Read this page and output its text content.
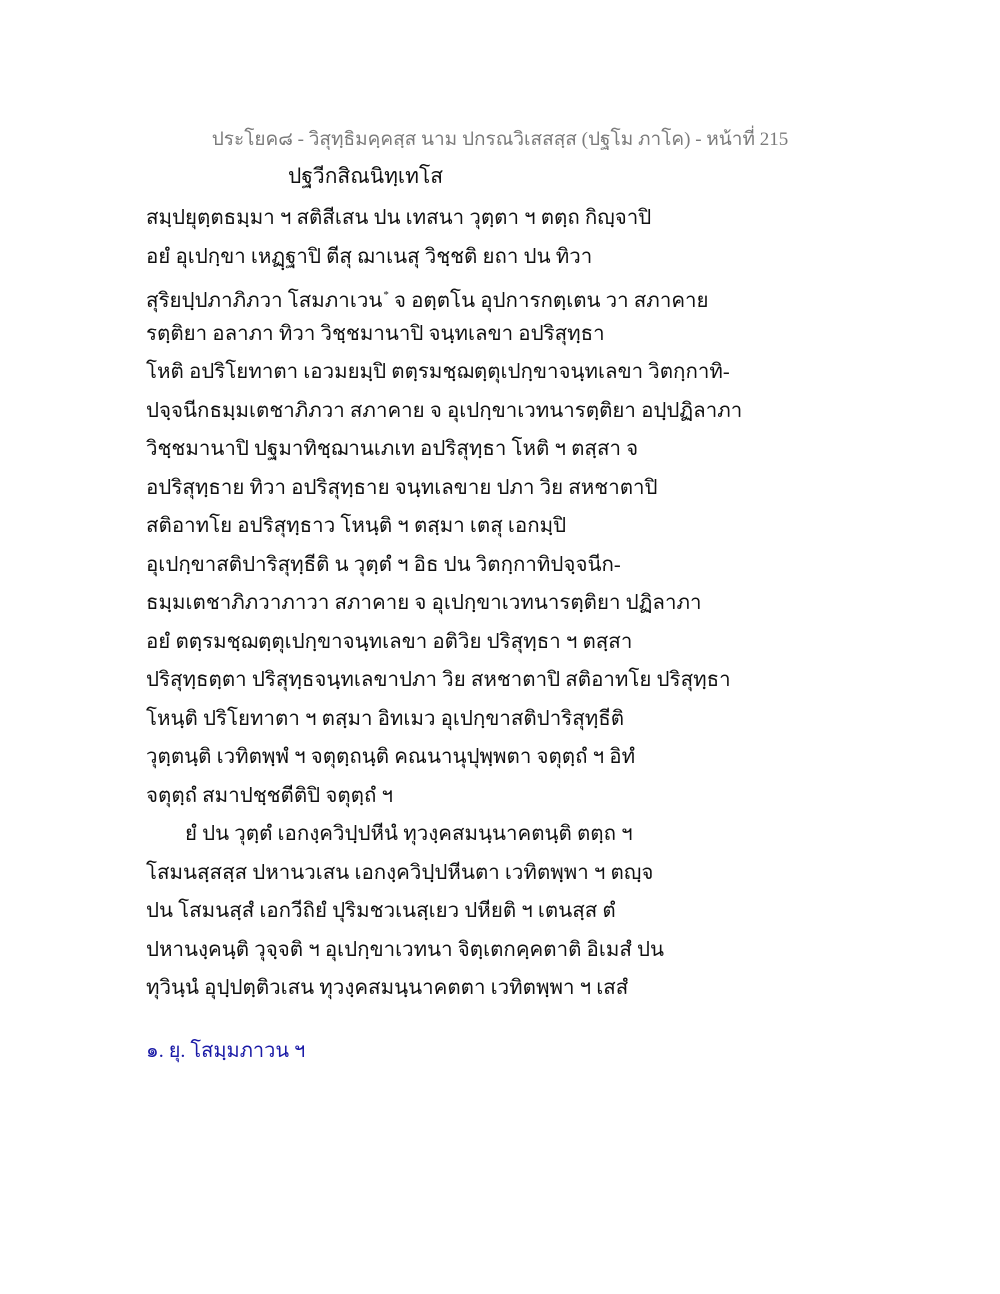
ประโยค๘ - วิสุทฺธิมคฺคสฺส นาม ปกรณวิเสสสฺส (ปฐโม ภาโค) - หน้าที่ 215
ปฐวีกสิณนิทฺเทโส
สมฺปยุตฺตธมฺมา ฯ สติสีเสน ปน เทสนา วุตฺตา ฯ ตตฺถ กิญฺจาปิ
อยํ อุเปกฺขา เหฏฺฐาปิ ตีสุ ฌาเนสุ วิชฺชติ ยถา ปน ทิวา
สุริยปฺปภาภิภวา โสมภาเวน* จ อตฺตโน อุปการกตฺเตน วา สภาคาย
รตฺติยา อลาภา ทิวา วิชฺชมานาปิ จนฺทเลขา อปริสุทฺธา
โหติ อปริโยทาตา เอวมยมฺปิ ตตฺรมชฺฌตฺตุเปกฺขาจนฺทเลขา วิตกฺกาทิ-
ปจฺจนีกธมฺมเตชาภิภวา สภาคาย จ อุเปกฺขาเวทนารตฺติยา อปฺปฏิลาภา
วิชฺชมานาปิ ปฐมาทิชฺฌานเภเท อปริสุทฺธา โหติ ฯ ตสฺสา จ
อปริสุทฺธาย ทิวา อปริสุทฺธาย จนฺทเลขาย ปภา วิย สหชาตาปิ
สติอาทโย อปริสุทฺธาว โหนฺติ ฯ ตสฺมา เตสุ เอกมฺปิ
อุเปกฺขาสติปาริสุทฺธีติ น วุตฺตํ ฯ อิธ ปน วิตกฺกาทิปจฺจนีก-
ธมฺมเตชาภิภวาภาวา สภาคาย จ อุเปกฺขาเวทนารตฺติยา ปฏิลาภา
อยํ ตตฺรมชฺฌตฺตุเปกฺขาจนฺทเลขา อติวิย ปริสุทฺธา ฯ ตสฺสา
ปริสุทฺธตฺตา ปริสุทฺธจนฺทเลขาปภา วิย สหชาตาปิ สติอาทโย ปริสุทฺธา
โหนฺติ ปริโยทาตา ฯ ตสฺมา อิทเมว อุเปกฺขาสติปาริสุทฺธีติ
วุตฺตนฺติ เวทิตพฺพํ ฯ จตุตฺถนฺติ คณนานุปุพฺพตา จตุตฺถํ ฯ อิทํ
จตุตฺถํ สมาปชฺชตีติปิ จตุตฺถํ ฯ
ยํ ปน วุตฺตํ เอกงฺควิปฺปหีนํ ทุวงฺคสมนฺนาคตนฺติ ตตฺถ ฯ
โสมนสฺสสฺส ปหานวเสน เอกงฺควิปฺปหีนตา เวทิตพฺพา ฯ ตญฺจ
ปน โสมนสฺสํ เอกวีถิยํ ปุริมชวเนสฺเยว ปหียติ ฯ เตนสฺส ตํ
ปหานงฺคนฺติ วุจฺจติ ฯ อุเปกฺขาเวทนา จิตฺเตกคฺคตาติ อิเมสํ ปน
ทุวินฺนํ อุปฺปตฺติวเสน ทุวงฺคสมนฺนาคตตา เวทิตพฺพา ฯ เสสํ
๑. ยุ. โสมฺมภาวน ฯ
